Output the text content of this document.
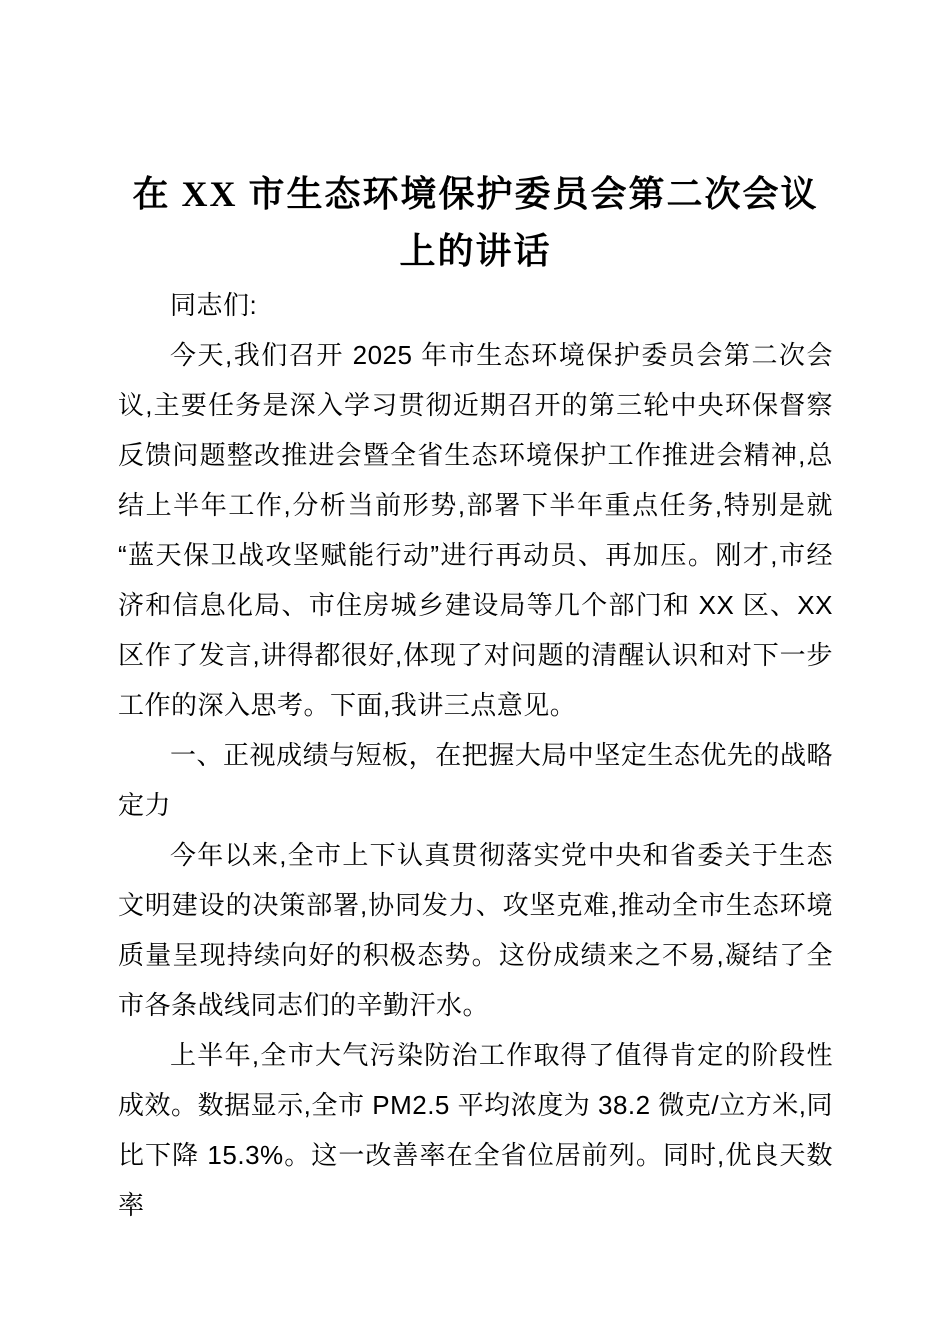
在 XX 市生态环境保护委员会第二次会议上的讲话

同志们:

今天,我们召开 2025 年市生态环境保护委员会第二次会议,主要任务是深入学习贯彻近期召开的第三轮中央环保督察反馈问题整改推进会暨全省生态环境保护工作推进会精神,总结上半年工作,分析当前形势,部署下半年重点任务,特别是就“蓝天保卫战攻坚赋能行动”进行再动员、再加压。刚才,市经济和信息化局、市住房城乡建设局等几个部门和 XX 区、XX 区作了发言,讲得都很好,体现了对问题的清醒认识和对下一步工作的深入思考。下面,我讲三点意见。

一、正视成绩与短板，在把握大局中坚定生态优先的战略定力

今年以来,全市上下认真贯彻落实党中央和省委关于生态文明建设的决策部署,协同发力、攻坚克难,推动全市生态环境质量呈现持续向好的积极态势。这份成绩来之不易,凝结了全市各条战线同志们的辛勤汗水。

上半年,全市大气污染防治工作取得了值得肯定的阶段性成效。数据显示,全市 PM2.5 平均浓度为 38.2 微克/立方米,同比下降 15.3%。这一改善率在全省位居前列。同时,优良天数率
